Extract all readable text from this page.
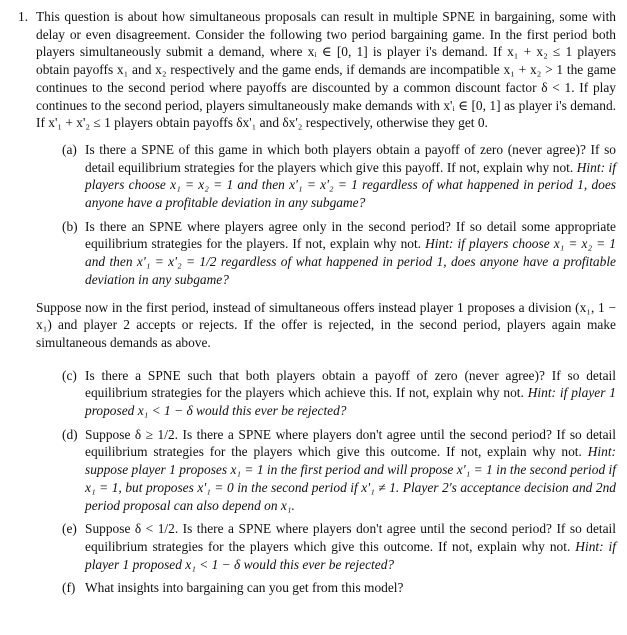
1. This question is about how simultaneous proposals can result in multiple SPNE in bargaining, some with delay or even disagreement. Consider the following two period bargaining game. In the first period both players simultaneously submit a demand, where xᵢ ∈ [0, 1] is player i's demand. If x₁ + x₂ ≤ 1 players obtain payoffs x₁ and x₂ respectively and the game ends, if demands are incompatible x₁ + x₂ > 1 the game continues to the second period where payoffs are discounted by a common discount factor δ < 1. If play continues to the second period, players simultaneously make demands with x'ᵢ ∈ [0, 1] as player i's demand. If x'₁ + x'₂ ≤ 1 players obtain payoffs δx'₁ and δx'₂ respectively, otherwise they get 0.
(a) Is there a SPNE of this game in which both players obtain a payoff of zero (never agree)? If so detail equilibrium strategies for the players which give this payoff. If not, explain why not. Hint: if players choose x₁ = x₂ = 1 and then x'₁ = x'₂ = 1 regardless of what happened in period 1, does anyone have a profitable deviation in any subgame?
(b) Is there an SPNE where players agree only in the second period? If so detail some appropriate equilibrium strategies for the players. If not, explain why not. Hint: if players choose x₁ = x₂ = 1 and then x'₁ = x'₂ = 1/2 regardless of what happened in period 1, does anyone have a profitable deviation in any subgame?
Suppose now in the first period, instead of simultaneous offers instead player 1 proposes a division (x₁, 1 − x₁) and player 2 accepts or rejects. If the offer is rejected, in the second period, players again make simultaneous demands as above.
(c) Is there a SPNE such that both players obtain a payoff of zero (never agree)? If so detail equilibrium strategies for the players which achieve this. If not, explain why not. Hint: if player 1 proposed x₁ < 1 − δ would this ever be rejected?
(d) Suppose δ ≥ 1/2. Is there a SPNE where players don't agree until the second period? If so detail equilibrium strategies for the players which give this outcome. If not, explain why not. Hint: suppose player 1 proposes x₁ = 1 in the first period and will propose x'₁ = 1 in the second period if x₁ = 1, but proposes x'₁ = 0 in the second period if x'₁ ≠ 1. Player 2's acceptance decision and 2nd period proposal can also depend on x₁.
(e) Suppose δ < 1/2. Is there a SPNE where players don't agree until the second period? If so detail equilibrium strategies for the players which give this outcome. If not, explain why not. Hint: if player 1 proposed x₁ < 1 − δ would this ever be rejected?
(f) What insights into bargaining can you get from this model?
